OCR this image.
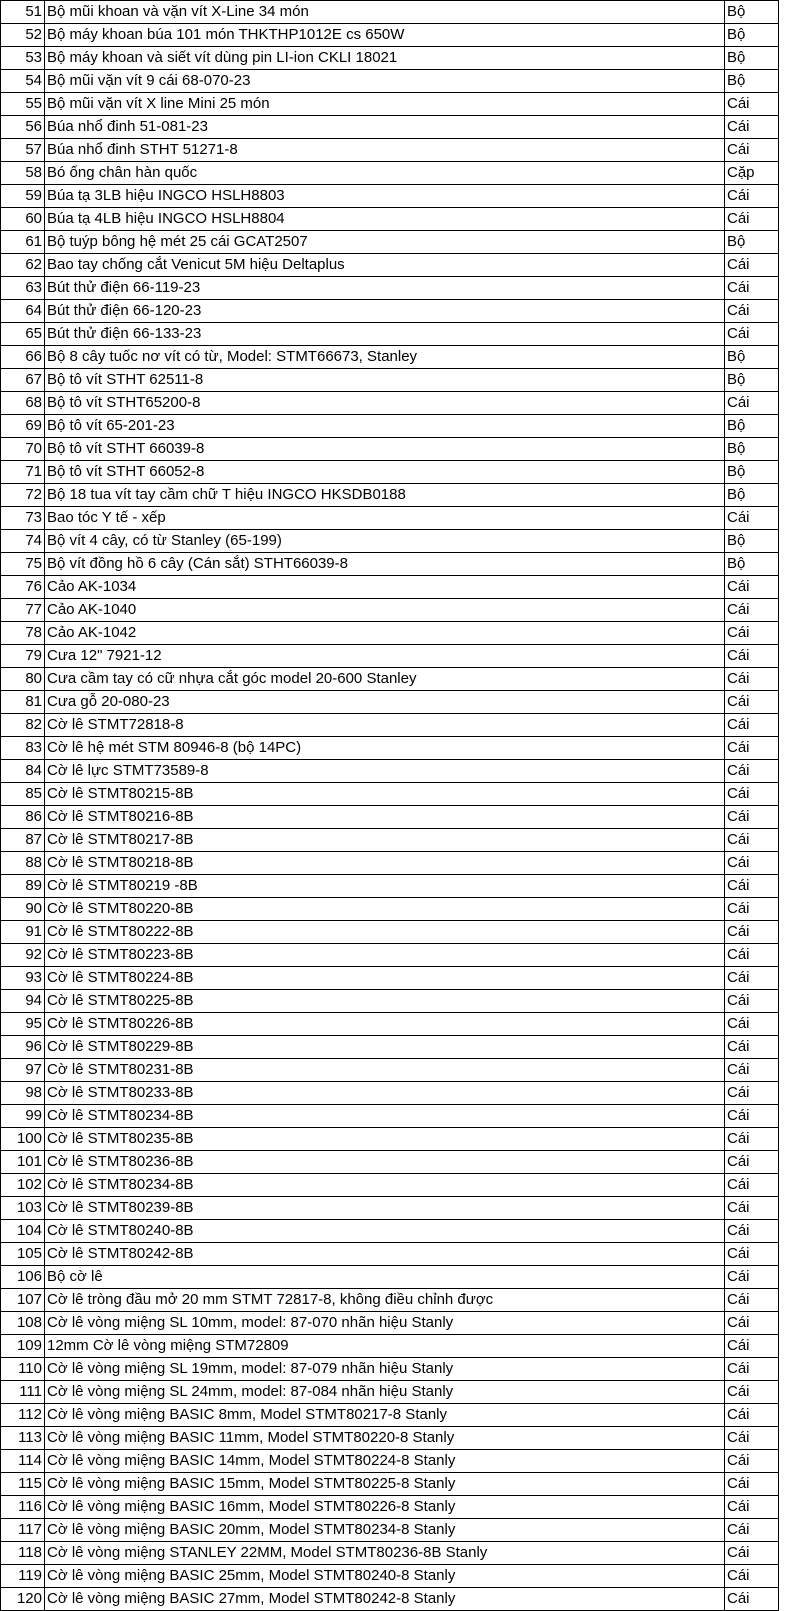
51	Bộ mũi khoan và vặn vít X-Line 34 món	Bộ
52	Bộ máy khoan búa 101 món THKTHP1012E cs 650W	Bộ
53	Bộ máy khoan và siết vít dùng pin LI-ion CKLI 18021	Bộ
54	Bộ mũi vặn vít 9 cái 68-070-23	Bộ
55	Bộ mũi vặn vít X line Mini 25 món	Cái
56	Búa nhổ đinh 51-081-23	Cái
57	Búa nhổ đinh STHT 51271-8	Cái
58	Bó ống chân hàn quốc	Cặp
59	Búa tạ 3LB hiệu INGCO HSLH8803	Cái
60	Búa tạ 4LB hiệu INGCO HSLH8804	Cái
61	Bộ tuýp bông hệ mét 25 cái GCAT2507	Bộ
62	Bao tay chống cắt Venicut 5M hiệu Deltaplus	Cái
63	Bút thử điện 66-119-23	Cái
64	Bút thử điện 66-120-23	Cái
65	Bút thử điện 66-133-23	Cái
66	Bộ 8 cây tuốc nơ vít có từ, Model: STMT66673, Stanley	Bộ
67	Bộ tô vít STHT 62511-8	Bộ
68	Bộ tô vít STHT65200-8	Cái
69	Bộ tô vít 65-201-23	Bộ
70	Bộ tô vít STHT 66039-8	Bộ
71	Bộ tô vít STHT 66052-8	Bộ
72	Bộ 18 tua vít tay cầm chữ T hiệu INGCO HKSDB0188	Bộ
73	Bao tóc Y tế - xếp	Cái
74	Bộ vít 4 cây, có từ Stanley (65-199)	Bộ
75	Bộ vít đồng hồ 6 cây (Cán sắt) STHT66039-8	Bộ
76	Cảo AK-1034	Cái
77	Cảo AK-1040	Cái
78	Cảo AK-1042	Cái
79	Cưa 12" 7921-12	Cái
80	Cưa cầm tay có cữ nhựa cắt góc model 20-600 Stanley	Cái
81	Cưa gỗ 20-080-23	Cái
82	Cờ lê STMT72818-8	Cái
83	Cờ lê hệ mét STM 80946-8 (bộ 14PC)	Cái
84	Cờ lê lực STMT73589-8	Cái
85	Cờ lê STMT80215-8B	Cái
86	Cờ lê STMT80216-8B	Cái
87	Cờ lê STMT80217-8B	Cái
88	Cờ lê STMT80218-8B	Cái
89	Cờ lê STMT80219 -8B	Cái
90	Cờ lê STMT80220-8B	Cái
91	Cờ lê STMT80222-8B	Cái
92	Cờ lê STMT80223-8B	Cái
93	Cờ lê STMT80224-8B	Cái
94	Cờ lê STMT80225-8B	Cái
95	Cờ lê STMT80226-8B	Cái
96	Cờ lê STMT80229-8B	Cái
97	Cờ lê STMT80231-8B	Cái
98	Cờ lê STMT80233-8B	Cái
99	Cờ lê STMT80234-8B	Cái
100	Cờ lê STMT80235-8B	Cái
101	Cờ lê STMT80236-8B	Cái
102	Cờ lê STMT80234-8B	Cái
103	Cờ lê STMT80239-8B	Cái
104	Cờ lê STMT80240-8B	Cái
105	Cờ lê STMT80242-8B	Cái
106	Bộ cờ lê	Cái
107	Cờ lê tròng đầu mở 20 mm STMT 72817-8, không điều chỉnh được	Cái
108	Cờ lê vòng miệng SL 10mm, model: 87-070 nhãn hiệu Stanly	Cái
109	12mm Cờ lê vòng miệng STM72809	Cái
110	Cờ lê vòng miệng SL 19mm, model: 87-079 nhãn hiệu Stanly	Cái
111	Cờ lê vòng miệng SL 24mm, model: 87-084 nhãn hiệu Stanly	Cái
112	Cờ lê vòng miệng BASIC 8mm, Model STMT80217-8 Stanly	Cái
113	Cờ lê vòng miệng BASIC 11mm, Model STMT80220-8 Stanly	Cái
114	Cờ lê vòng miệng BASIC 14mm, Model STMT80224-8 Stanly	Cái
115	Cờ lê vòng miệng BASIC 15mm, Model STMT80225-8 Stanly	Cái
116	Cờ lê vòng miệng BASIC 16mm, Model STMT80226-8 Stanly	Cái
117	Cờ lê vòng miệng BASIC 20mm, Model STMT80234-8 Stanly	Cái
118	Cờ lê vòng miệng STANLEY 22MM, Model STMT80236-8B Stanly	Cái
119	Cờ lê vòng miệng BASIC 25mm, Model STMT80240-8 Stanly	Cái
120	Cờ lê vòng miệng BASIC 27mm, Model STMT80242-8 Stanly	Cái
